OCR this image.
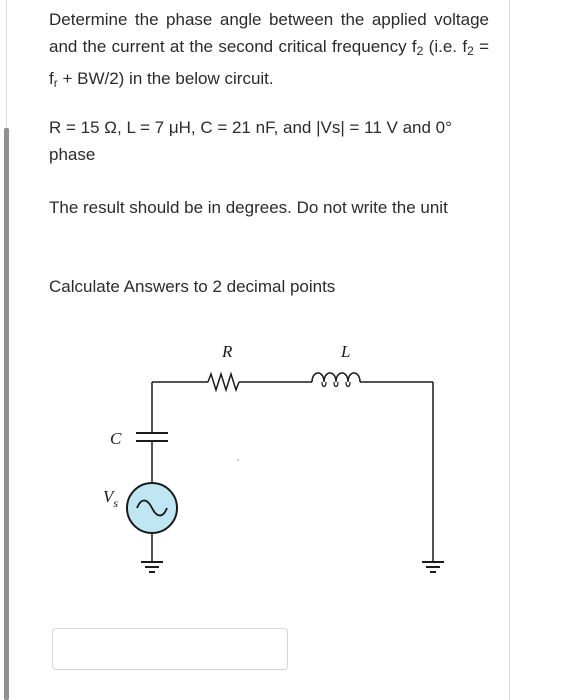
Determine the phase angle between the applied voltage and the current at the second critical frequency $f_2$ (i.e. $f_2 = f_r + BW/2$) in the below circuit.

R = 15 Ω, L = 7 μH, C = 21 nF, and |Vs| = 11 V and 0° phase

The result should be in degrees. Do not write the unit

Calculate Answers to 2 decimal points

R	L
C
$V_s$
